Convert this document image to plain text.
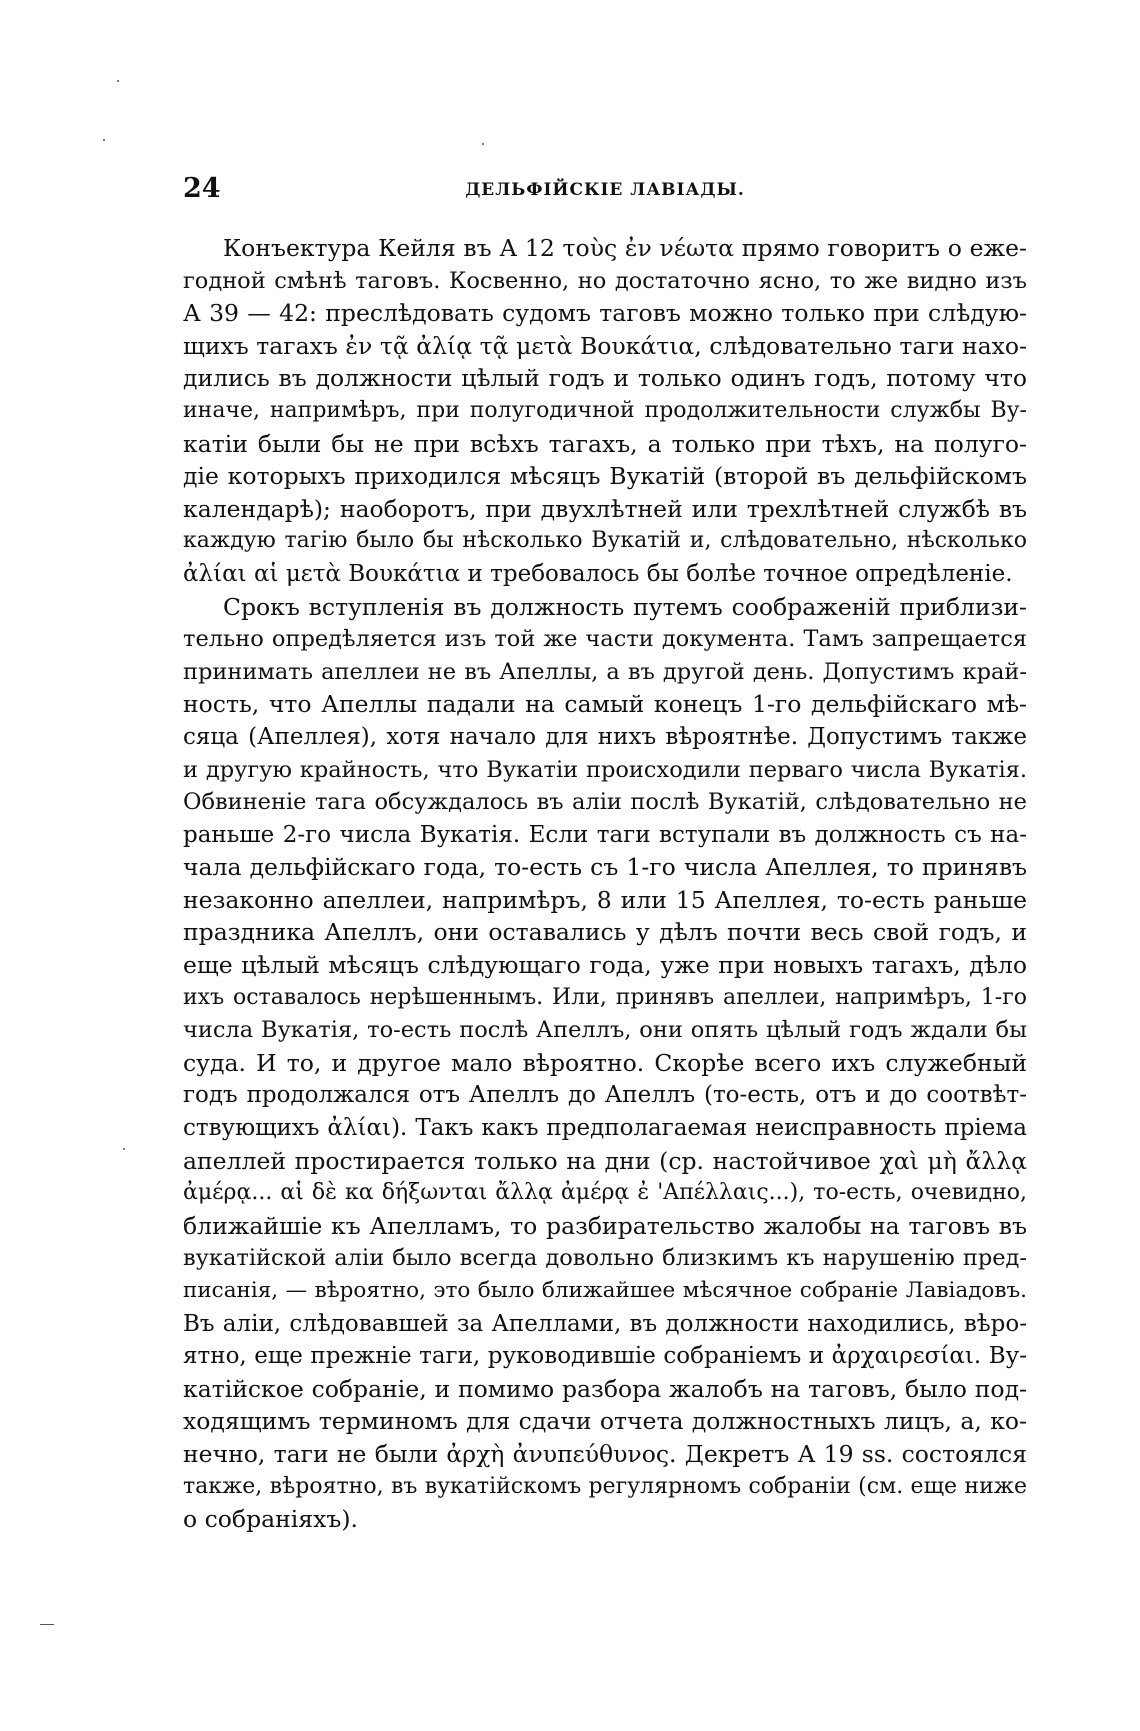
24	ДЕЛЬФІЙСКІЕ ЛАВІАДЫ.
Конъектура Кейля въ А 12 τοὺς ἐν νέωτα прямо говоритъ о еже-
годной смѣнѣ таговъ. Косвенно, но достаточно ясно, то же видно изъ
А 39 — 42: преслѣдовать судомъ таговъ можно только при слѣдую-
щихъ тагахъ ἐν τᾷ ἀλίᾳ τᾷ μετὰ Βουκάτια, слѣдовательно таги нахо-
дились въ должности цѣлый годъ и только одинъ годъ, потому что
иначе, напримѣръ, при полугодичной продолжительности службы Ву-
катіи были бы не при всѣхъ тагахъ, а только при тѣхъ, на полуго-
діе которыхъ приходился мѣсяцъ Вукатій (второй въ дельфійскомъ
календарѣ); наоборотъ, при двухлѣтней или трехлѣтней службѣ въ
каждую тагію было бы нѣсколько Вукатій и, слѣдовательно, нѣсколько
ἀλίαι αἱ μετὰ Βουκάτια и требовалось бы болѣе точное опредѣленіе.
Срокъ вступленія въ должность путемъ соображеній приблизи-
тельно опредѣляется изъ той же части документа. Тамъ запрещается
принимать апеллеи не въ Апеллы, а въ другой день. Допустимъ край-
ность, что Апеллы падали на самый конецъ 1-го дельфійскаго мѣ-
сяца (Апеллея), хотя начало для нихъ вѣроятнѣе. Допустимъ также
и другую крайность, что Вукатіи происходили перваго числа Вукатія.
Обвиненіе тага обсуждалось въ аліи послѣ Вукатій, слѣдовательно не
раньше 2-го числа Вукатія. Если таги вступали въ должность съ на-
чала дельфійскаго года, то-есть съ 1-го числа Апеллея, то принявъ
незаконно апеллеи, напримѣръ, 8 или 15 Апеллея, то-есть раньше
праздника Апеллъ, они оставались у дѣлъ почти весь свой годъ, и
еще цѣлый мѣсяцъ слѣдующаго года, уже при новыхъ тагахъ, дѣло
ихъ оставалось нерѣшеннымъ. Или, принявъ апеллеи, напримѣръ, 1-го
числа Вукатія, то-есть послѣ Апеллъ, они опять цѣлый годъ ждали бы
суда. И то, и другое мало вѣроятно. Скорѣе всего ихъ служебный
годъ продолжался отъ Апеллъ до Апеллъ (то-есть, отъ и до соотвѣт-
ствующихъ ἀλίαι). Такъ какъ предполагаемая неисправность пріема
апеллей простирается только на дни (ср. настойчивое χαὶ μὴ ἄλλᾳ
ἀμέρᾳ... αἱ δὲ κα δήξωνται ἄλλᾳ ἀμέρᾳ ἐ 'Απέλλαις...), то-есть, очевидно,
ближайшіе къ Апелламъ, то разбирательство жалобы на таговъ въ
вукатійской аліи было всегда довольно близкимъ къ нарушенію пред-
писанія, — вѣроятно, это было ближайшее мѣсячное собраніе Лавіадовъ.
Въ аліи, слѣдовавшей за Апеллами, въ должности находились, вѣро-
ятно, еще прежніе таги, руководившіе собраніемъ и ἀρχαιρεσίαι. Ву-
катійское собраніе, и помимо разбора жалобъ на таговъ, было под-
ходящимъ терминомъ для сдачи отчета должностныхъ лицъ, а, ко-
нечно, таги не были ἀρχὴ ἀνυπεύθυνος. Декретъ А 19 ss. состоялся
также, вѣроятно, въ вукатійскомъ регулярномъ собраніи (см. еще ниже
о собраніяхъ).
